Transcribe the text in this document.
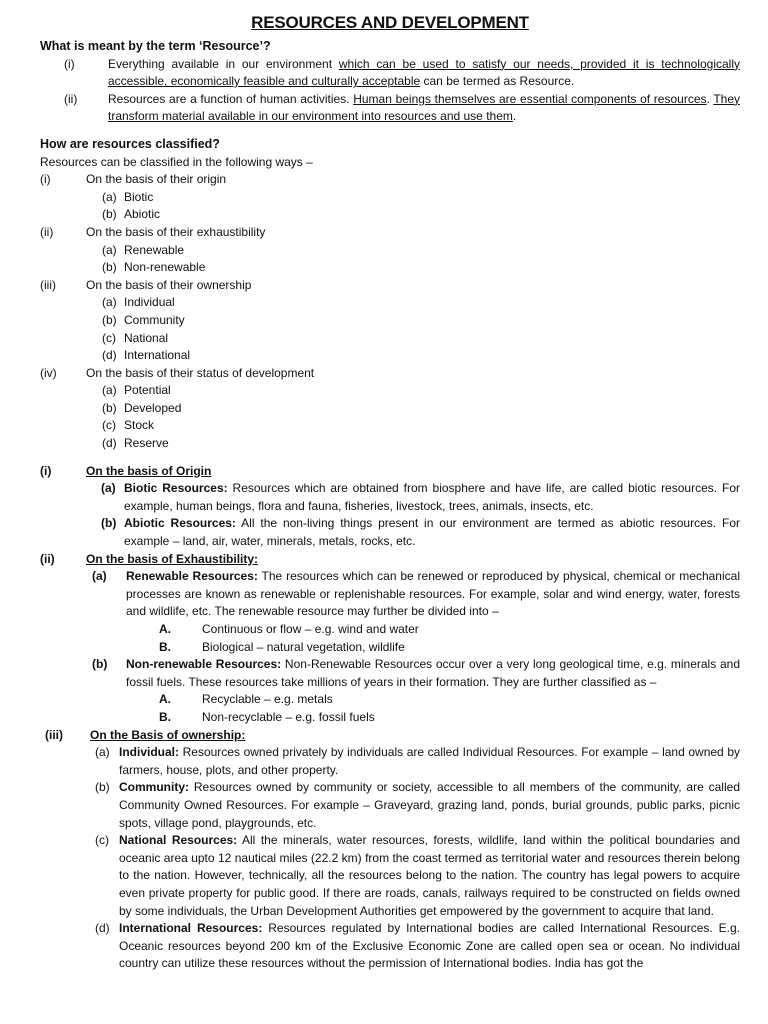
RESOURCES AND DEVELOPMENT
What is meant by the term ‘Resource’?
(i)	Everything available in our environment which can be used to satisfy our needs, provided it is technologically accessible, economically feasible and culturally acceptable can be termed as Resource.
(ii)	Resources are a function of human activities. Human beings themselves are essential components of resources. They transform material available in our environment into resources and use them.
How are resources classified?
Resources can be classified in the following ways –
(i)	On the basis of their origin
(a) Biotic
(b) Abiotic
(ii)	On the basis of their exhaustibility
(a) Renewable
(b) Non-renewable
(iii)	On the basis of their ownership
(a) Individual
(b) Community
(c) National
(d) International
(iv) On the basis of their status of development
(a) Potential
(b) Developed
(c) Stock
(d) Reserve
(i)	On the basis of Origin
(a) Biotic Resources: Resources which are obtained from biosphere and have life, are called biotic resources. For example, human beings, flora and fauna, fisheries, livestock, trees, animals, insects, etc.
(b) Abiotic Resources: All the non-living things present in our environment are termed as abiotic resources. For example – land, air, water, minerals, metals, rocks, etc.
(ii)	On the basis of Exhaustibility:
(a) Renewable Resources: The resources which can be renewed or reproduced by physical, chemical or mechanical processes are known as renewable or replenishable resources. For example, solar and wind energy, water, forests and wildlife, etc. The renewable resource may further be divided into –
A.	Continuous or flow – e.g. wind and water
B.	Biological – natural vegetation, wildlife
(b) Non-renewable Resources: Non-Renewable Resources occur over a very long geological time, e.g. minerals and fossil fuels. These resources take millions of years in their formation. They are further classified as –
A.	Recyclable – e.g. metals
B.	Non-recyclable – e.g. fossil fuels
(iii) On the Basis of ownership:
(a) Individual: Resources owned privately by individuals are called Individual Resources. For example – land owned by farmers, house, plots, and other property.
(b) Community: Resources owned by community or society, accessible to all members of the community, are called Community Owned Resources. For example – Graveyard, grazing land, ponds, burial grounds, public parks, picnic spots, village pond, playgrounds, etc.
(c) National Resources: All the minerals, water resources, forests, wildlife, land within the political boundaries and oceanic area upto 12 nautical miles (22.2 km) from the coast termed as territorial water and resources therein belong to the nation. However, technically, all the resources belong to the nation. The country has legal powers to acquire even private property for public good. If there are roads, canals, railways required to be constructed on fields owned by some individuals, the Urban Development Authorities get empowered by the government to acquire that land.
(d) International Resources: Resources regulated by International bodies are called International Resources. E.g. Oceanic resources beyond 200 km of the Exclusive Economic Zone are called open sea or ocean. No individual country can utilize these resources without the permission of International bodies. India has got the
